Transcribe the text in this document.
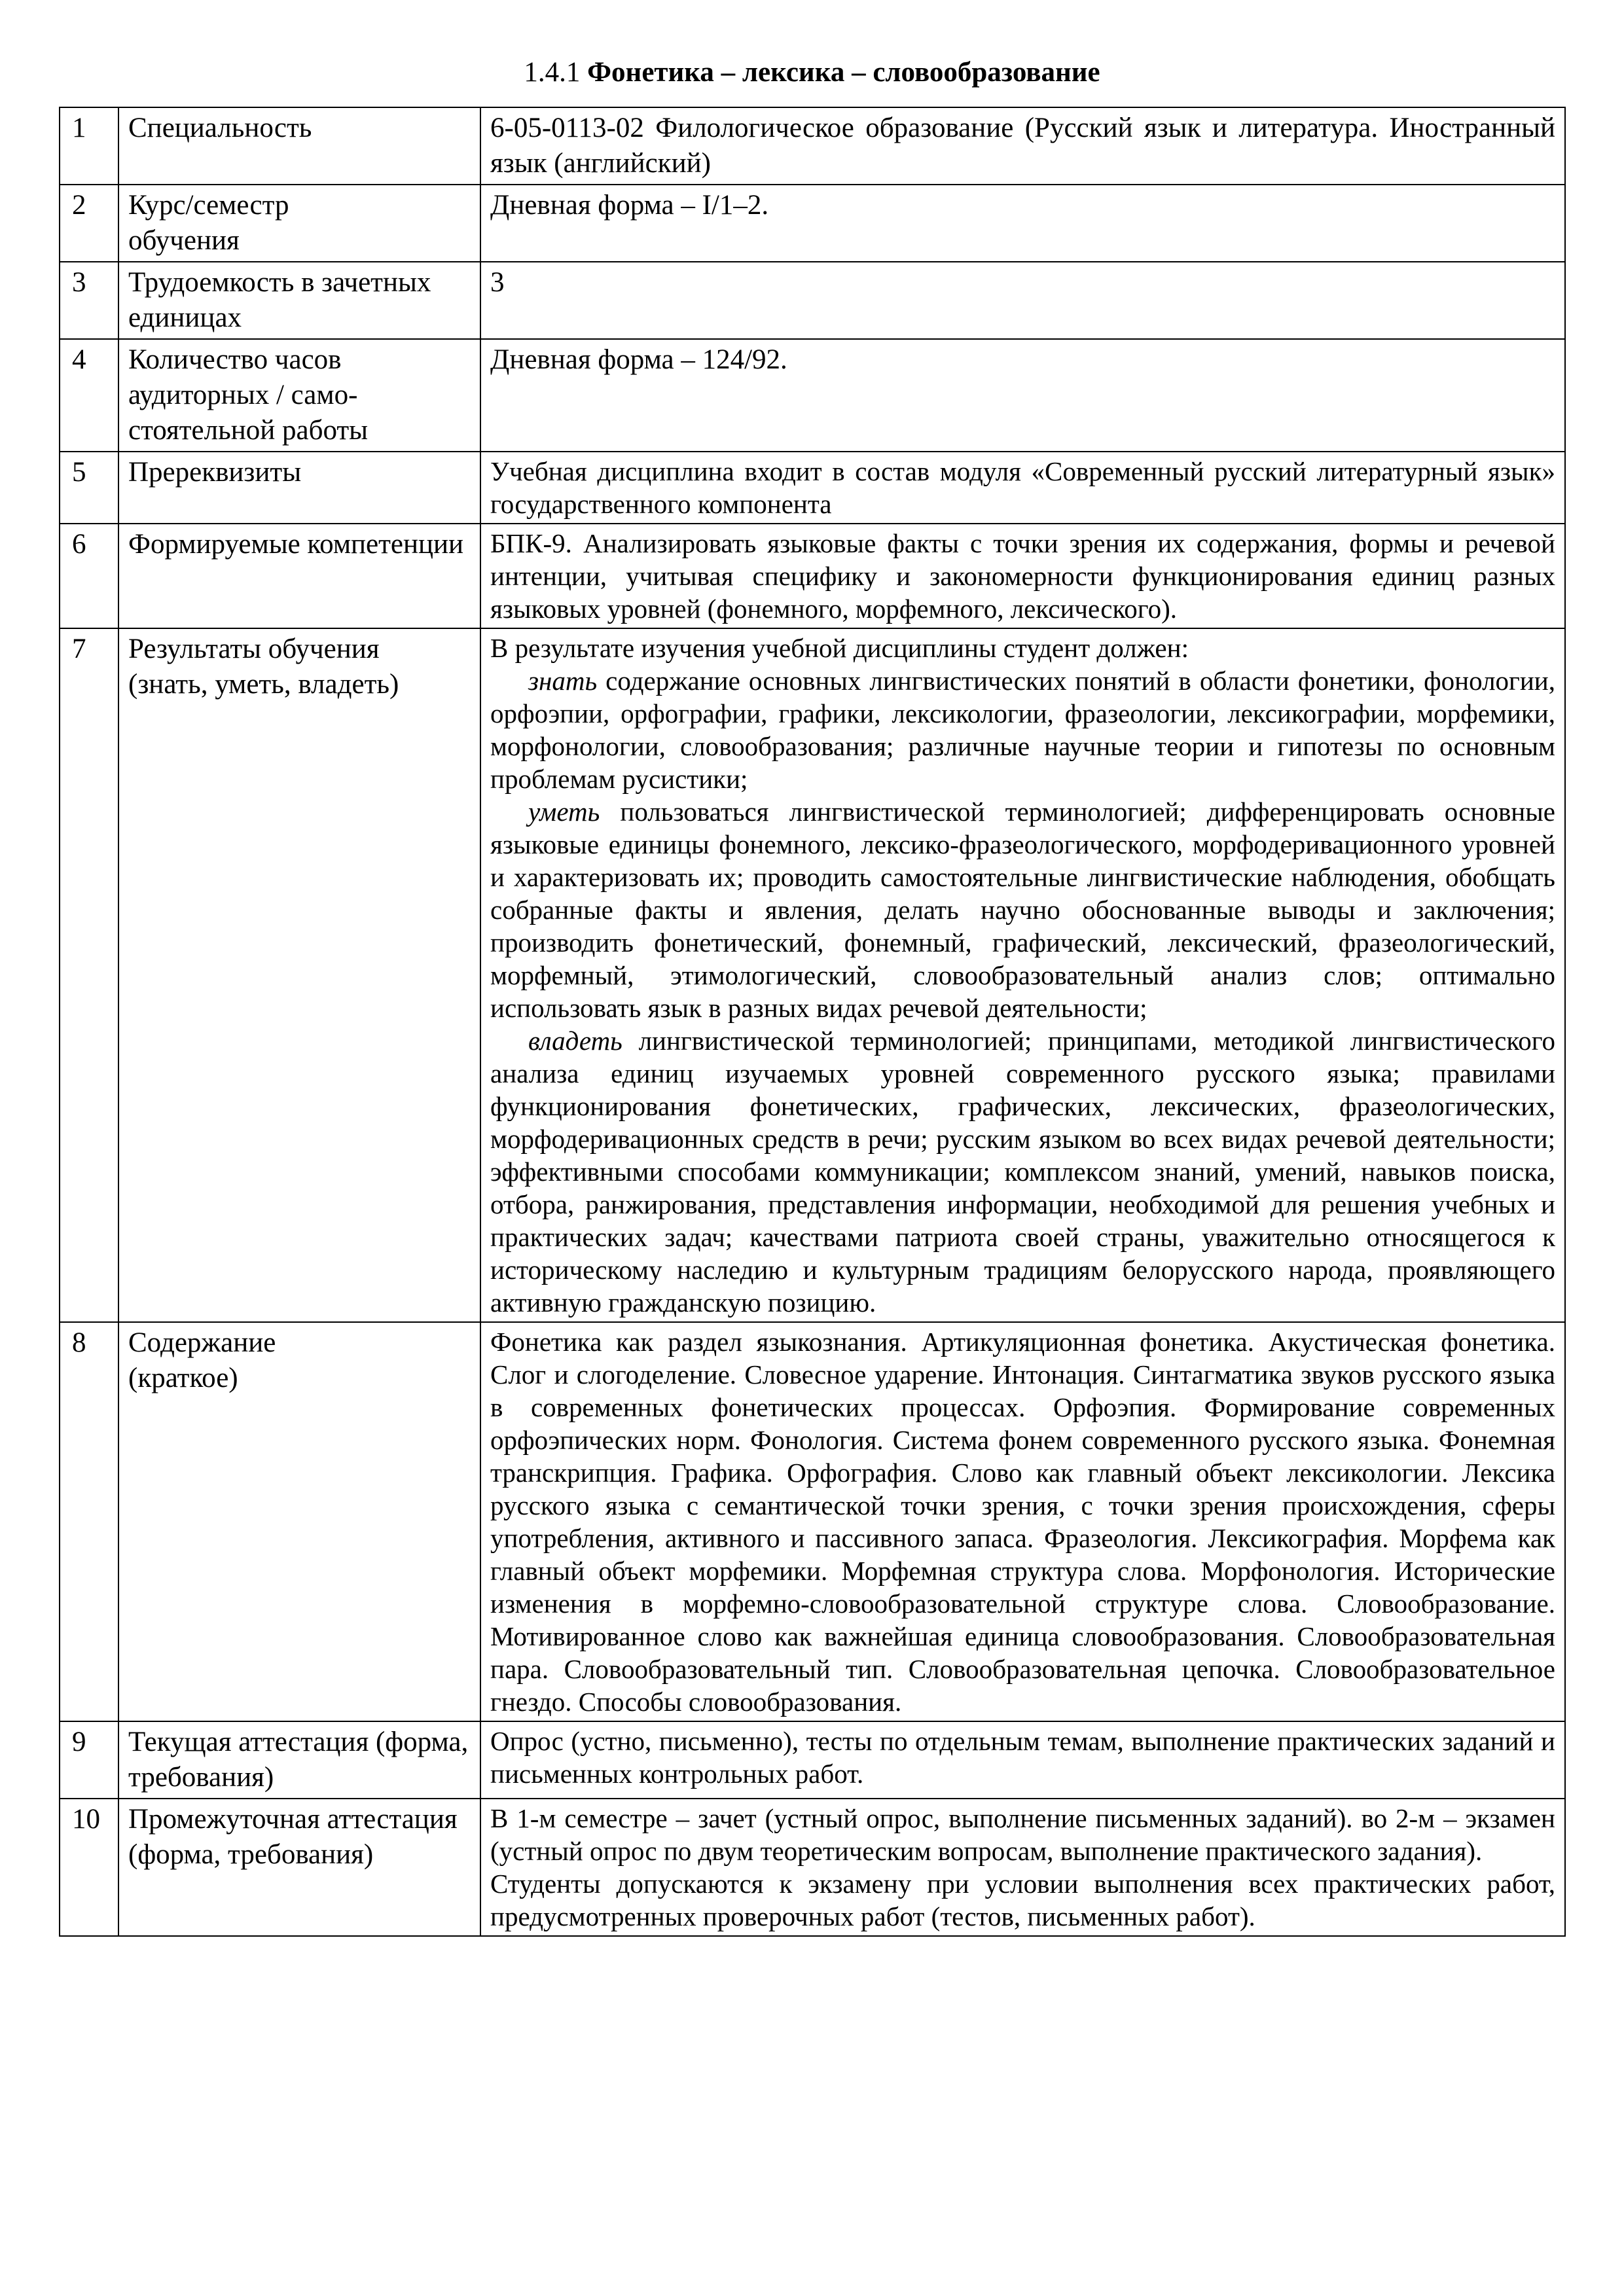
1.4.1 Фонетика – лексика – словообразование
1	Специальность	6-05-0113-02 Филологическое образование (Русский язык и литература. Иностранный язык (английский)
2	Курс/семестр обучения	Дневная форма – I/1–2.
3	Трудоемкость в зачетных единицах	3
4	Количество часов аудиторных / само-стоятельной работы	Дневная форма – 124/92.
5	Пререквизиты	Учебная дисциплина входит в состав модуля «Современный русский литературный язык» государственного компонента
6	Формируемые компетенции	БПК-9. Анализировать языковые факты с точки зрения их содержания, формы и речевой интенции, учитывая специфику и закономерности функционирования единиц разных языковых уровней (фонемного, морфемного, лексического).
7	Результаты обучения (знать, уметь, владеть)	В результате изучения учебной дисциплины студент должен:

знать содержание основных лингвистических понятий в области фонетики, фонологии, орфоэпии, орфографии, графики, лексикологии, фразеологии, лексикографии, морфемики, морфонологии, словообразования; различные научные теории и гипотезы по основным проблемам русистики;

уметь пользоваться лингвистической терминологией; дифференцировать основные языковые единицы фонемного, лексико-фразеологического, морфодеривационного уровней и характеризовать их; проводить самостоятельные лингвистические наблюдения, обобщать собранные факты и явления, делать научно обоснованные выводы и заключения; производить фонетический, фонемный, графический, лексический, фразеологический, морфемный, этимологический, словообразовательный анализ слов; оптимально использовать язык в разных видах речевой деятельности;

владеть лингвистической терминологией; принципами, методикой лингвистического анализа единиц изучаемых уровней современного русского языка; правилами функционирования фонетических, графических, лексических, фразеологических, морфодеривационных средств в речи; русским языком во всех видах речевой деятельности; эффективными способами коммуникации; комплексом знаний, умений, навыков поиска, отбора, ранжирования, представления информации, необходимой для решения учебных и практических задач; качествами патриота своей страны, уважительно относящегося к историческому наследию и культурным традициям белорусского народа, проявляющего активную гражданскую позицию.

8	Содержание (краткое)	Фонетика как раздел языкознания. Артикуляционная фонетика. Акустическая фонетика. Слог и слогоделение. Словесное ударение. Интонация. Синтагматика звуков русского языка в современных фонетических процессах. Орфоэпия. Формирование современных орфоэпических норм. Фонология. Система фонем современного русского языка. Фонемная транскрипция. Графика. Орфография. Слово как главный объект лексикологии. Лексика русского языка с семантической точки зрения, с точки зрения происхождения, сферы употребления, активного и пассивного запаса. Фразеология. Лексикография. Морфема как главный объект морфемики. Морфемная структура слова. Морфонология. Исторические изменения в морфемно-словообразовательной структуре слова. Словообразование. Мотивированное слово как важнейшая единица словообразования. Словообразовательная пара. Словообразовательный тип. Словообразовательная цепочка. Словообразовательное гнездо. Способы словообразования.
9	Текущая аттестация (форма, требования)	Опрос (устно, письменно), тесты по отдельным темам, выполнение практических заданий и письменных контрольных работ.
10	Промежуточная аттестация (форма, требования)	В 1-м семестре – зачет (устный опрос, выполнение письменных заданий). во 2-м – экзамен (устный опрос по двум теоретическим вопросам, выполнение практического задания).

Студенты допускаются к экзамену при условии выполнения всех практических работ, предусмотренных проверочных работ (тестов, письменных работ).
